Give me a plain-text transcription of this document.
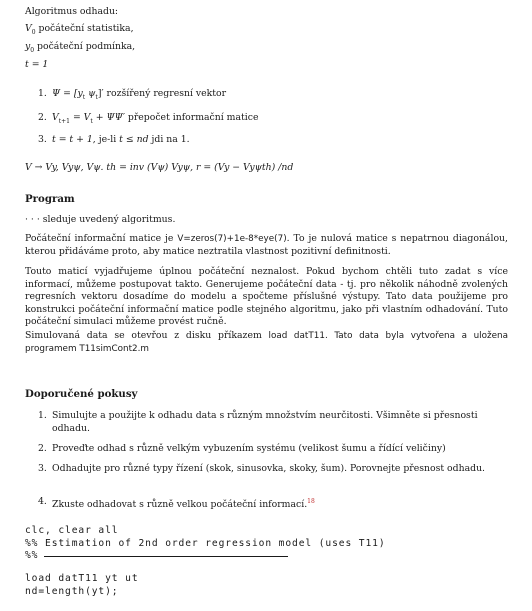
Algoritmus odhadu:
$V_0$ počáteční statistika,
$y_0$ počáteční podmínka,
t = 1
1. $\Psi = [y_t$ $\psi_t]'$ rozšířený regresní vektor
2. $V_{t+1} = V_t + \Psi\Psi'$ přepočet informační matice
3. t = t + 1, je-li t ≤ nd jdi na 1.
V → Vy, Vyψ, Vψ. th = inv (Vψ) Vyψ, r = (Vy − Vyψth) /nd
Program
· · · sleduje uvedený algoritmus.
Počáteční informační matice je V=zeros(7)+1e-8*eye(7). To je nulová matice s nepatrnou diagonálou, kterou přidáváme proto, aby matice neztratila vlastnost pozitivní definitnosti.
Touto maticí vyjadřujeme úplnou počáteční neznalost. Pokud bychom chtěli tuto zadat s více informací, můžeme postupovat takto. Generujeme počáteční data - tj. pro několik náhodně zvolených regresních vektoru dosadíme do modelu a spočteme příslušné výstupy. Tato data použijeme pro konstrukci počáteční informační matice podle stejného algoritmu, jako při vlastním odhadování. Tuto počáteční simulaci můžeme provést ručně.
Simulovaná data se otevřou z disku příkazem load datT11. Tato data byla vytvořena a uložena programem T11simCont2.m
Doporučené pokusy
1. Simulujte a použijte k odhadu data s různým množstvím neurčitosti. Všimněte si přesnosti odhadu.
2. Proveďte odhad s různě velkým vybuzením systému (velikost šumu a řídící veličiny)
3. Odhadujte pro různé typy řízení (skok, sinusovka, skoky, šum). Porovnejte přesnost odhadu.
4. Zkuste odhadovat s různě velkou počáteční informací.$^{18}$
clc, clear all
%% Estimation of 2nd order regression model (uses T11)
%%
load datT11 yt ut
nd=length(yt);
